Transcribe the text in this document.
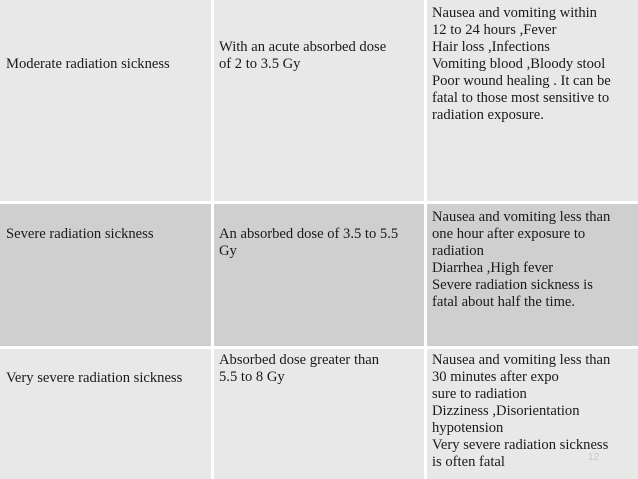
Moderate radiation sickness
With an acute absorbed dose
of 2 to 3.5 Gy
Nausea and vomiting within
12 to 24 hours ,Fever
Hair loss ,Infections
Vomiting blood ,Bloody stool
Poor wound healing . It can be
fatal to those most sensitive to
radiation exposure.
Severe radiation sickness	An absorbed dose of 3.5 to 5.5
Gy
Nausea and vomiting less than
one hour after exposure to
radiation
Diarrhea ,High fever
Severe radiation sickness is
fatal about half the time.
Very severe radiation sickness
Absorbed dose greater than
5.5 to 8 Gy
Nausea and vomiting less than
30 minutes after expo
sure to radiation
Dizziness ,Disorientation
hypotension
Very severe radiation sickness
is often fatal	12
